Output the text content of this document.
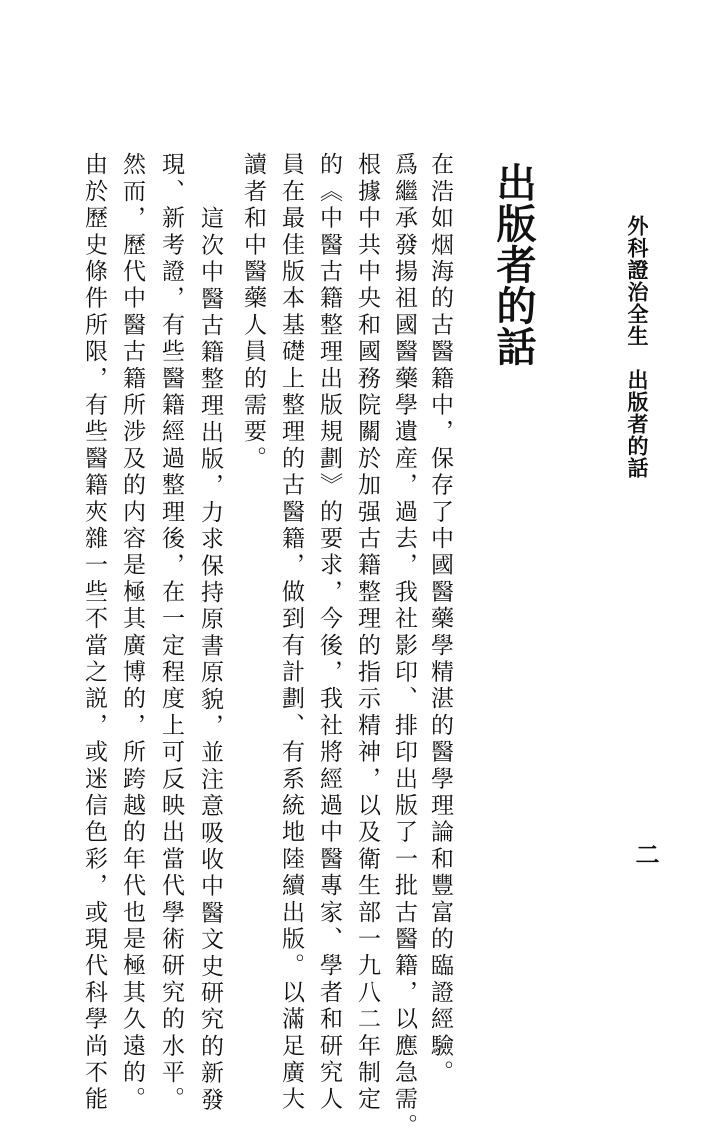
外科證治全生　出版者的話
二
出版者的話
在浩如烟海的古醫籍中，保存了中國醫藥學精湛的醫學理論和豐富的臨證經驗。
爲繼承發揚祖國醫藥學遺産，過去，我社影印、排印出版了一批古醫籍，以應急需。
根據中共中央和國務院關於加强古籍整理的指示精神，以及衛生部一九八二年制定
的《中醫古籍整理出版規劃》的要求，今後，我社將經過中醫專家、學者和研究人
員在最佳版本基礎上整理的古醫籍，做到有計劃、有系統地陸續出版。以滿足廣大
讀者和中醫藥人員的需要。
這次中醫古籍整理出版，力求保持原書原貌，並注意吸收中醫文史研究的新發
現、新考證，有些醫籍經過整理後，在一定程度上可反映出當代學術研究的水平。
然而，歷代中醫古籍所涉及的内容是極其廣博的，所跨越的年代也是極其久遠的。
由於歷史條件所限，有些醫籍夾雜一些不當之説，或迷信色彩，或現代科學尚不能
